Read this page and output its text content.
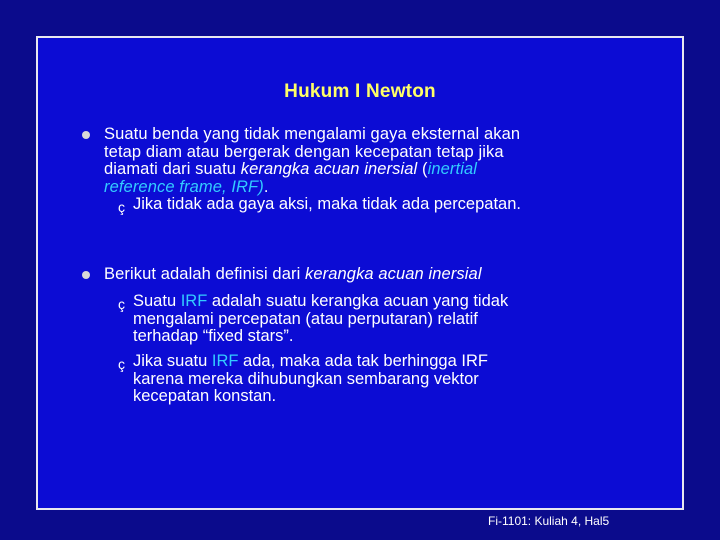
Hukum I Newton
Suatu benda yang tidak mengalami gaya eksternal akan
tetap diam atau bergerak dengan kecepatan tetap jika
diamati dari suatu kerangka acuan inersial (inertial
reference frame, IRF).
ç Jika tidak ada gaya aksi, maka tidak ada percepatan.
Berikut adalah definisi dari kerangka acuan inersial
ç Suatu IRF adalah suatu kerangka acuan yang tidak
mengalami percepatan (atau perputaran) relatif
terhadap “fixed stars”.
ç Jika suatu IRF ada, maka ada tak berhingga IRF
karena mereka dihubungkan sembarang vektor
kecepatan konstan.
Fi-1101: Kuliah 4, Hal5
